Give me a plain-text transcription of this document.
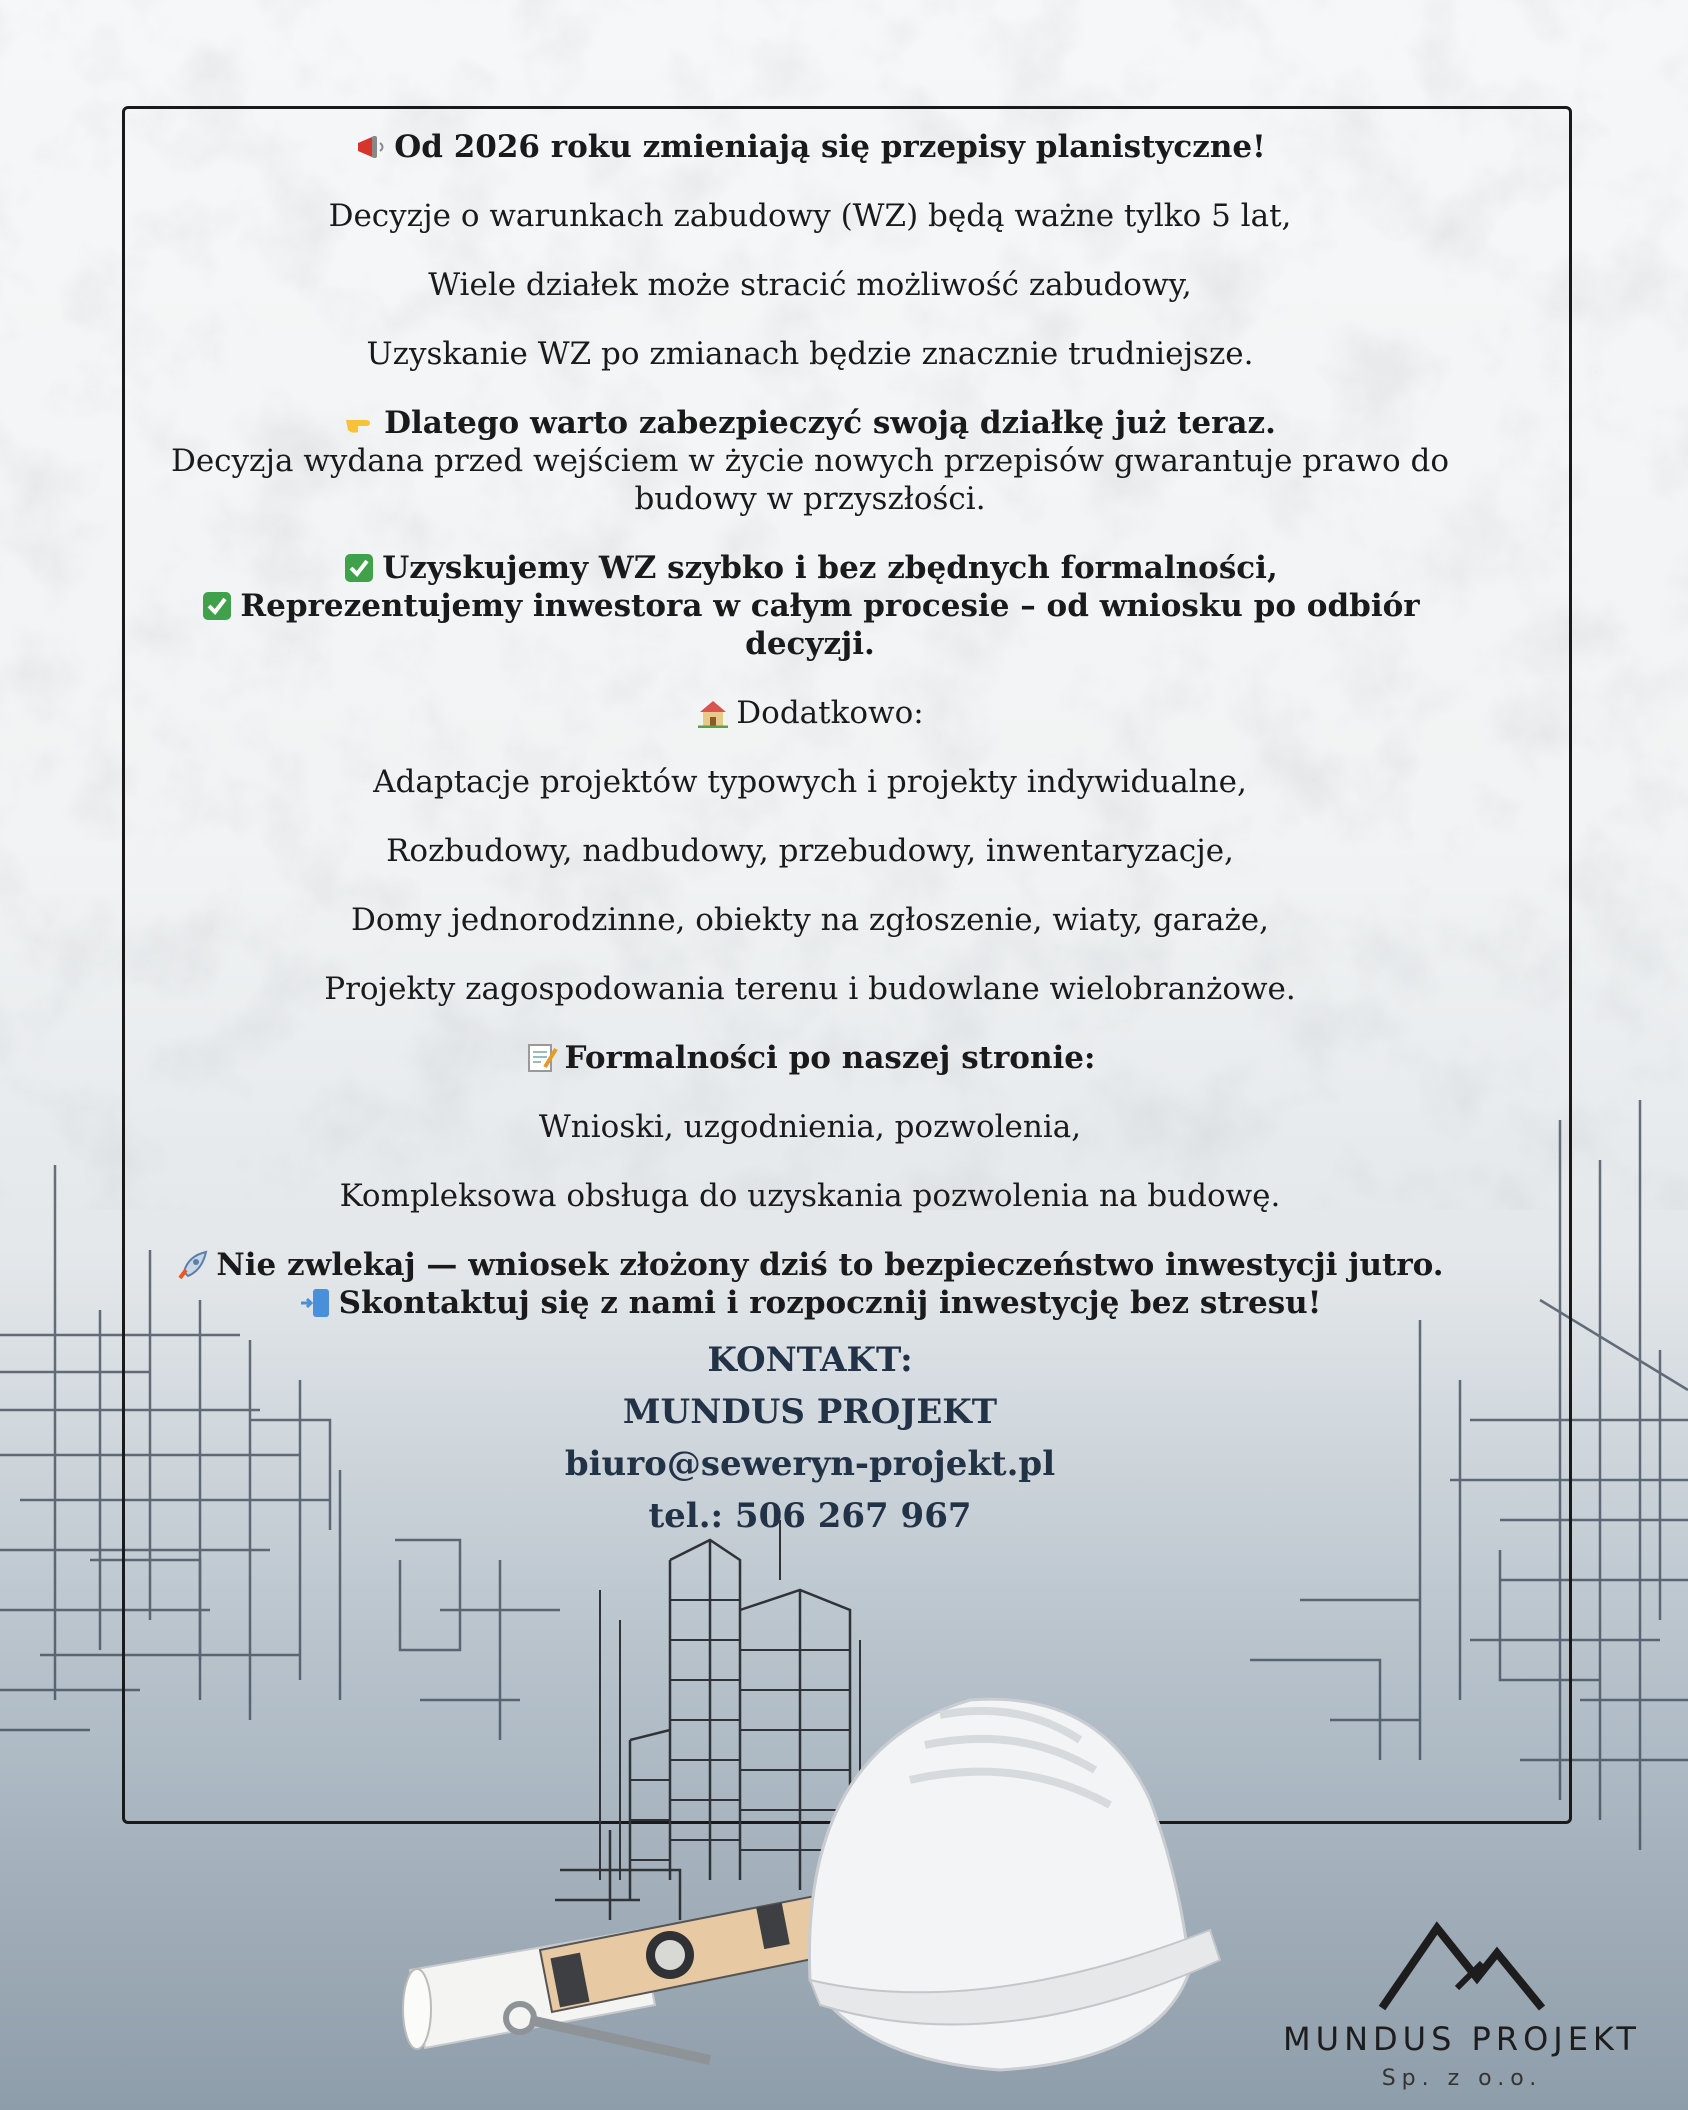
Od 2026 roku zmieniają się przepisy planistyczne!

Decyzje o warunkach zabudowy (WZ) będą ważne tylko 5 lat,

Wiele działek może stracić możliwość zabudowy,

Uzyskanie WZ po zmianach będzie znacznie trudniejsze.

Dlatego warto zabezpieczyć swoją działkę już teraz.

Decyzja wydana przed wejściem w życie nowych przepisów gwarantuje prawo do

budowy w przyszłości.

Uzyskujemy WZ szybko i bez zbędnych formalności,

Reprezentujemy inwestora w całym procesie – od wniosku po odbiór

decyzji.

Dodatkowo:

Adaptacje projektów typowych i projekty indywidualne,

Rozbudowy, nadbudowy, przebudowy, inwentaryzacje,

Domy jednorodzinne, obiekty na zgłoszenie, wiaty, garaże,

Projekty zagospodowania terenu i budowlane wielobranżowe.

Formalności po naszej stronie:

Wnioski, uzgodnienia, pozwolenia,

Kompleksowa obsługa do uzyskania pozwolenia na budowę.

Nie zwlekaj — wniosek złożony dziś to bezpieczeństwo inwestycji jutro.

Skontaktuj się z nami i rozpocznij inwestycję bez stresu!

KONTAKT:
MUNDUS PROJEKT
biuro@seweryn-projekt.pl
tel.: 506 267 967
MUNDUS PROJEKT
Sp. z o.o.
